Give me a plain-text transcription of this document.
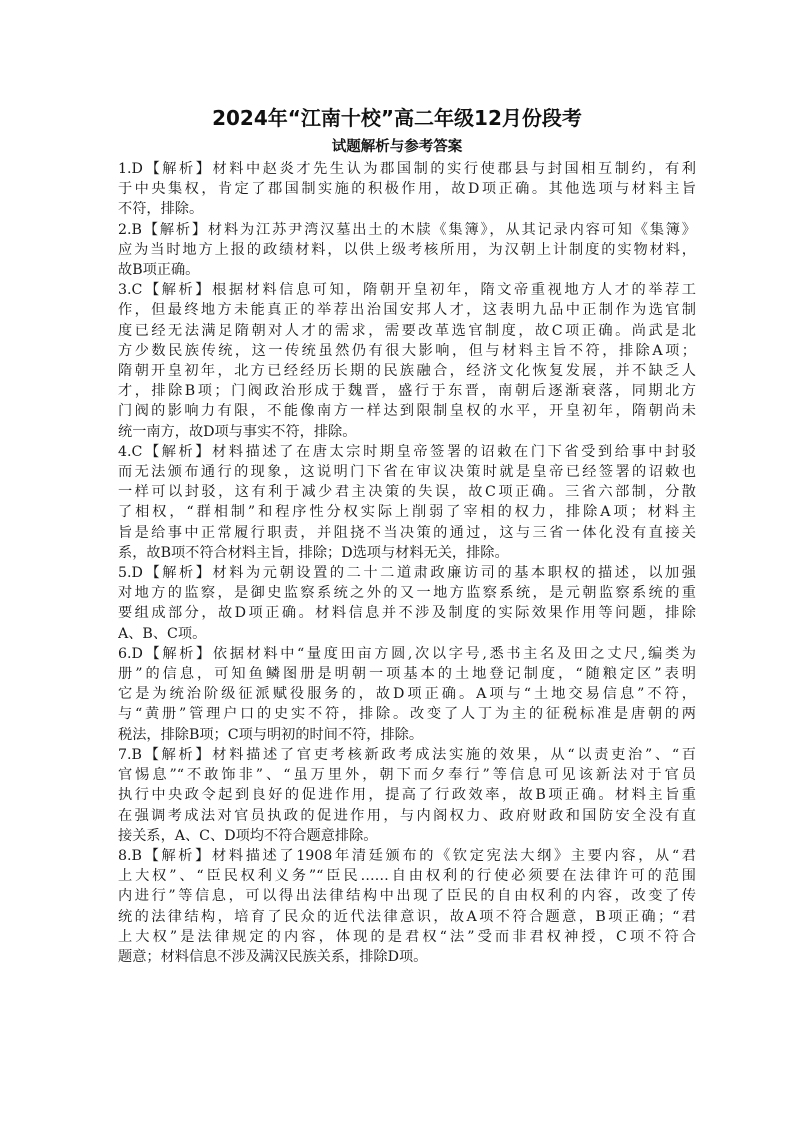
2024年“江南十校”高二年级12月份段考
试题解析与参考答案
1.D【解析】材料中赵炎才先生认为郡国制的实行使郡县与封国相互制约，有利
于中央集权，肯定了郡国制实施的积极作用，故D项正确。其他选项与材料主旨
不符，排除。
2.B【解析】材料为江苏尹湾汉墓出土的木牍《集簿》，从其记录内容可知《集簿》
应为当时地方上报的政绩材料，以供上级考核所用，为汉朝上计制度的实物材料，
故B项正确。
3.C【解析】根据材料信息可知，隋朝开皇初年，隋文帝重视地方人才的举荐工
作，但最终地方未能真正的举荐出治国安邦人才，这表明九品中正制作为选官制
度已经无法满足隋朝对人才的需求，需要改革选官制度，故C项正确。尚武是北
方少数民族传统，这一传统虽然仍有很大影响，但与材料主旨不符，排除A项；
隋朝开皇初年，北方已经经历长期的民族融合，经济文化恢复发展，并不缺乏人
才，排除B项；门阀政治形成于魏晋，盛行于东晋，南朝后逐渐衰落，同期北方
门阀的影响力有限，不能像南方一样达到限制皇权的水平，开皇初年，隋朝尚未
统一南方，故D项与事实不符，排除。
4.C【解析】材料描述了在唐太宗时期皇帝签署的诏敕在门下省受到给事中封驳
而无法颁布通行的现象，这说明门下省在审议决策时就是皇帝已经签署的诏敕也
一样可以封驳，这有利于减少君主决策的失误，故C项正确。三省六部制，分散
了相权，“群相制”和程序性分权实际上削弱了宰相的权力，排除A项；材料主
旨是给事中正常履行职责，并阻挠不当决策的通过，这与三省一体化没有直接关
系，故B项不符合材料主旨，排除；D选项与材料无关，排除。
5.D【解析】材料为元朝设置的二十二道肃政廉访司的基本职权的描述，以加强
对地方的监察，是御史监察系统之外的又一地方监察系统，是元朝监察系统的重
要组成部分，故D项正确。材料信息并不涉及制度的实际效果作用等问题，排除
A、B、C项。
6.D【解析】依据材料中“量度田亩方圆,次以字号,悉书主名及田之丈尺,编类为
册”的信息，可知鱼鳞图册是明朝一项基本的土地登记制度，“随粮定区”表明
它是为统治阶级征派赋役服务的，故D项正确。A项与“土地交易信息”不符，
与“黄册”管理户口的史实不符，排除。改变了人丁为主的征税标准是唐朝的两
税法，排除B项；C项与明初的时间不符，排除。
7.B【解析】材料描述了官吏考核新政考成法实施的效果，从“以责吏治”、“百
官惕息”“不敢饰非”、“虽万里外，朝下而夕奉行”等信息可见该新法对于官员
执行中央政令起到良好的促进作用，提高了行政效率，故B项正确。材料主旨重
在强调考成法对官员执政的促进作用，与内阁权力、政府财政和国防安全没有直
接关系，A、C、D项均不符合题意排除。
8.B【解析】材料描述了1908年清廷颁布的《钦定宪法大纲》主要内容，从“君
上大权”、“臣民权利义务”“臣民……自由权利的行使必须要在法律许可的范围
内进行”等信息，可以得出法律结构中出现了臣民的自由权利的内容，改变了传
统的法律结构，培育了民众的近代法律意识，故A项不符合题意，B项正确；“君
上大权”是法律规定的内容，体现的是君权“法”受而非君权神授，C项不符合
题意；材料信息不涉及满汉民族关系，排除D项。
